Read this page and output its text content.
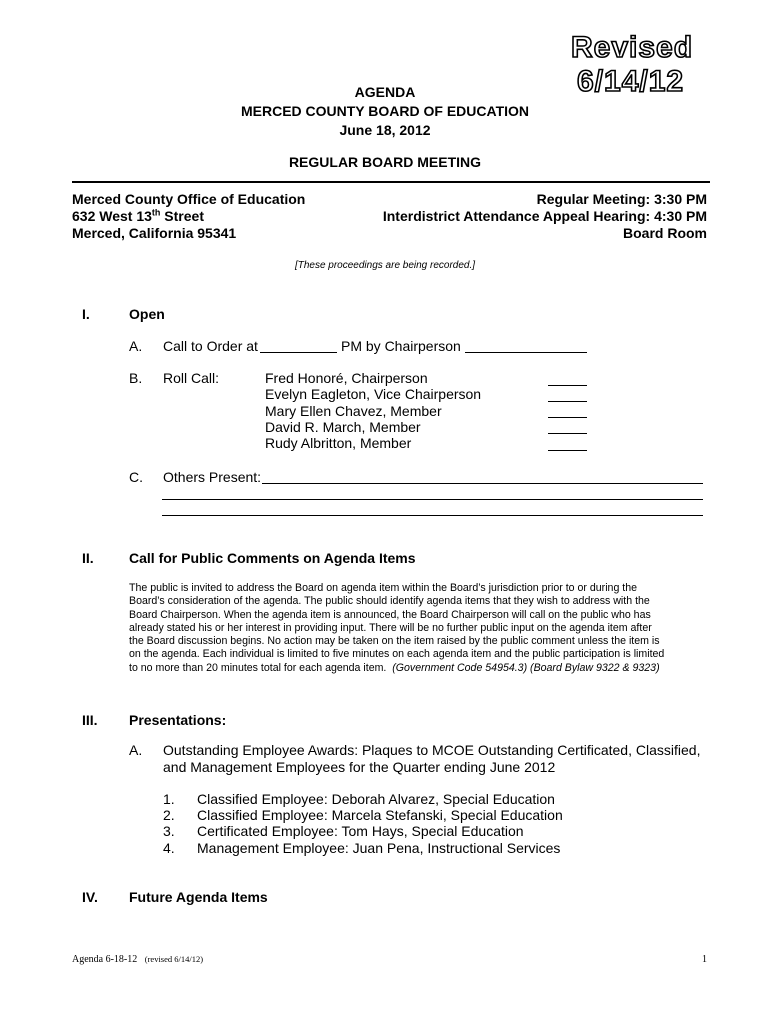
Revised
6/14/12
AGENDA
MERCED COUNTY BOARD OF EDUCATION
June 18, 2012
REGULAR BOARD MEETING
Merced County Office of Education
632 West 13th Street
Merced, California 95341
Regular Meeting: 3:30 PM
Interdistrict Attendance Appeal Hearing: 4:30 PM
Board Room
[These proceedings are being recorded.]
I.	Open
A. Call to Order at	PM by Chairperson
B. Roll Call:	Fred Honoré, Chairperson
Evelyn Eagleton, Vice Chairperson
Mary Ellen Chavez, Member
David R. March, Member
Rudy Albritton, Member
C. Others Present:
II.	Call for Public Comments on Agenda Items
The public is invited to address the Board on agenda item within the Board’s jurisdiction prior to or during the
Board’s consideration of the agenda. The public should identify agenda items that they wish to address with the
Board Chairperson. When the agenda item is announced, the Board Chairperson will call on the public who has
already stated his or her interest in providing input. There will be no further public input on the agenda item after
the Board discussion begins. No action may be taken on the item raised by the public comment unless the item is
on the agenda. Each individual is limited to five minutes on each agenda item and the public participation is limited
to no more than 20 minutes total for each agenda item. (Government Code 54954.3) (Board Bylaw 9322 & 9323)
III. Presentations:
A. Outstanding Employee Awards: Plaques to MCOE Outstanding Certificated, Classified,
and Management Employees for the Quarter ending June 2012
1. Classified Employee: Deborah Alvarez, Special Education
2. Classified Employee: Marcela Stefanski, Special Education
3. Certificated Employee: Tom Hays, Special Education
4. Management Employee: Juan Pena, Instructional Services
IV. Future Agenda Items
Agenda 6-18-12 (revised 6/14/12)	1
